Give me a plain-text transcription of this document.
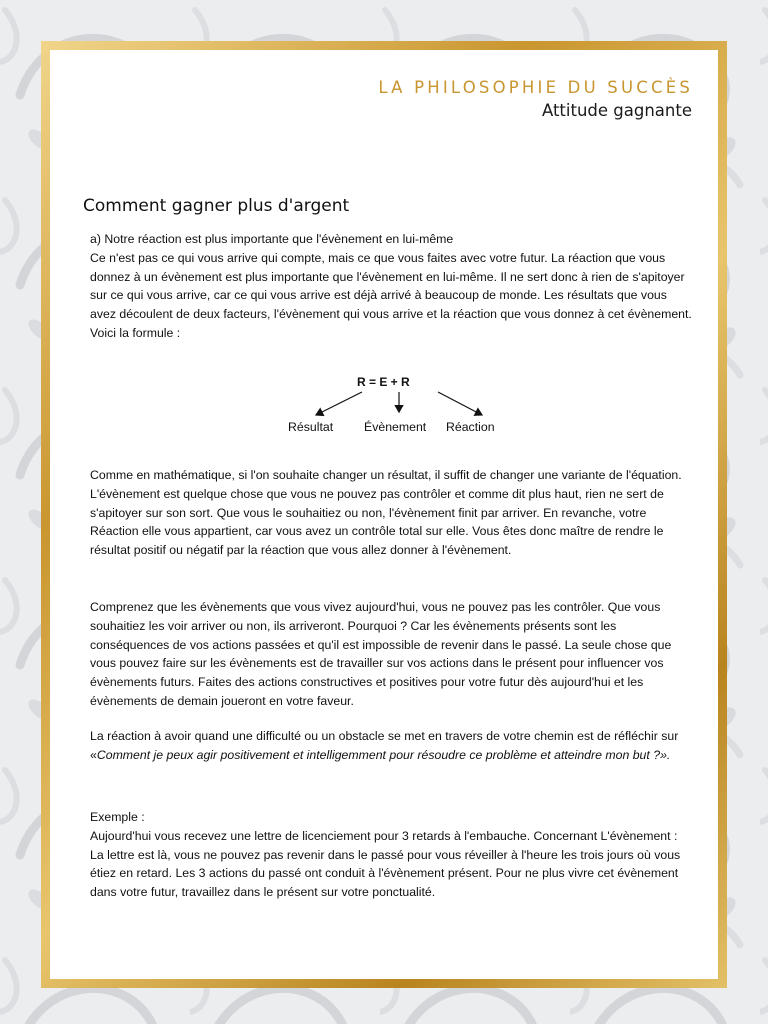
LA PHILOSOPHIE DU SUCCÈS
Attitude gagnante
Comment gagner plus d'argent

a) Notre réaction est plus importante que l'évènement en lui-même

Ce n'est pas ce qui vous arrive qui compte, mais ce que vous faites avec votre futur. La réaction que vous donnez à un évènement est plus importante que l'évènement en lui-même. Il ne sert donc à rien de s'apitoyer sur ce qui vous arrive, car ce qui vous arrive est déjà arrivé à beaucoup de monde. Les résultats que vous avez découlent de deux facteurs, l'évènement qui vous arrive et la réaction que vous donnez à cet évènement. Voici la formule :

R = E + R
Résultat	Évènement Réaction

Comme en mathématique, si l'on souhaite changer un résultat, il suffit de changer une variante de l'équation. L'évènement est quelque chose que vous ne pouvez pas contrôler et comme dit plus haut, rien ne sert de s'apitoyer sur son sort. Que vous le souhaitiez ou non, l'évènement finit par arriver. En revanche, votre Réaction elle vous appartient, car vous avez un contrôle total sur elle. Vous êtes donc maître de rendre le résultat positif ou négatif par la réaction que vous allez donner à l'évènement.

Comprenez que les évènements que vous vivez aujourd'hui, vous ne pouvez pas les contrôler. Que vous souhaitiez les voir arriver ou non, ils arriveront. Pourquoi ? Car les évènements présents sont les conséquences de vos actions passées et qu'il est impossible de revenir dans le passé. La seule chose que vous pouvez faire sur les évènements est de travailler sur vos actions dans le présent pour influencer vos évènements futurs. Faites des actions constructives et positives pour votre futur dès aujourd'hui et les évènements de demain joueront en votre faveur.

La réaction à avoir quand une difficulté ou un obstacle se met en travers de votre chemin est de réfléchir sur «Comment je peux agir positivement et intelligemment pour résoudre ce problème et atteindre mon but ?».

Exemple :

Aujourd'hui vous recevez une lettre de licenciement pour 3 retards à l'embauche. Concernant L'évènement : La lettre est là, vous ne pouvez pas revenir dans le passé pour vous réveiller à l'heure les trois jours où vous étiez en retard. Les 3 actions du passé ont conduit à l'évènement présent. Pour ne plus vivre cet évènement dans votre futur, travaillez dans le présent sur votre ponctualité.
